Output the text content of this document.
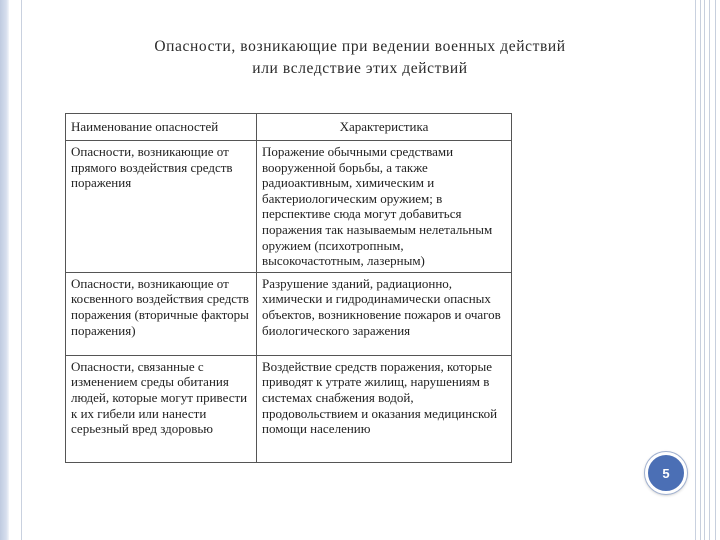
Опасности, возникающие при ведении военных действий
или вследствие этих действий
Наименование опасностей	Характеристика
Опасности, возникающие от прямого воздействия средств поражения	Поражение обычными средствами вооруженной борьбы, а также радиоактивным, химическим и бактериологическим оружием; в перспективе сюда могут добавиться поражения так называемым нелетальным оружием (психотропным, высокочастотным, лазерным)
Опасности, возникающие от косвенного воздействия средств поражения (вторичные факторы поражения)	Разрушение зданий, радиационно, химически и гидродинамически опасных объектов, возникновение пожаров и очагов биологического заражения
Опасности, связанные с изменением среды обитания людей, которые могут привести к их гибели или нанести серьезный вред здоровью	Воздействие средств поражения, которые приводят к утрате жилищ, нарушениям в системах снабжения водой, продовольствием и оказания медицинской помощи населению
5
